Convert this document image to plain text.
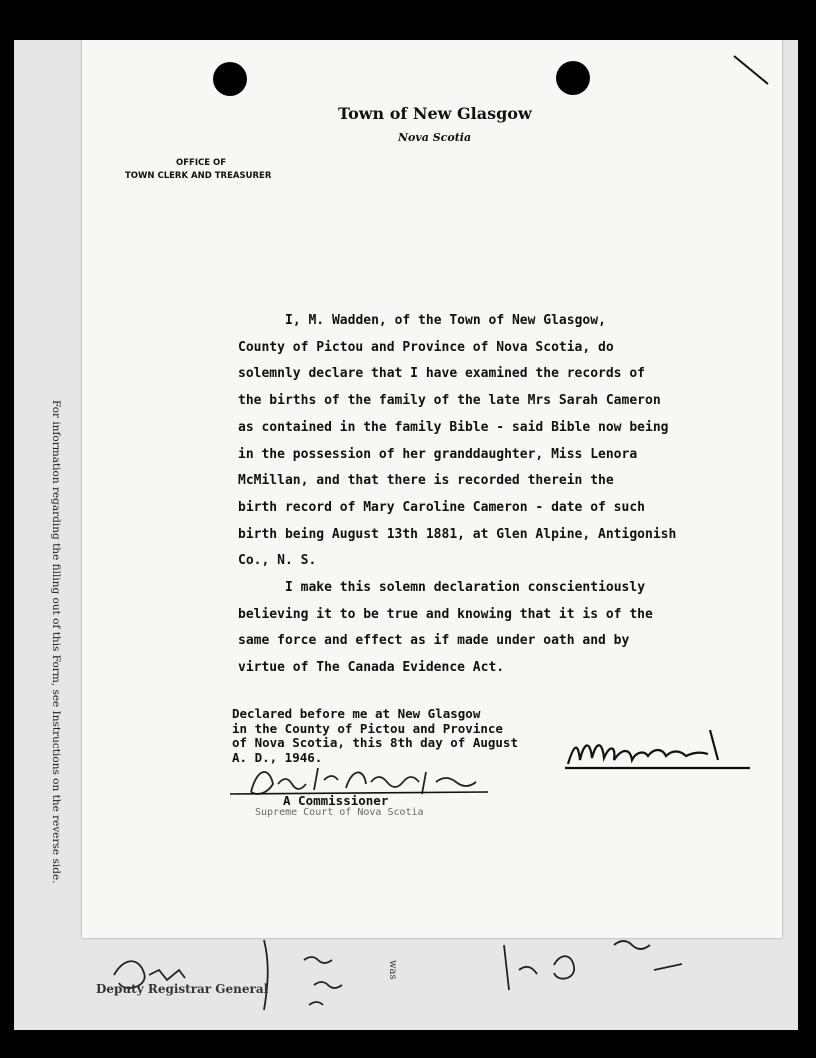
For information regarding the filling out of this Form, see Instructions on the reverse side.
Deputy Registrar General
was
Town of New Glasgow
Nova Scotia
OFFICE OF
TOWN CLERK AND TREASURER

I, M. Wadden, of the Town of New Glasgow,

County of Pictou and Province of Nova Scotia, do

solemnly declare that I have examined the records of

the births of the family of the late Mrs Sarah Cameron

as contained in the family Bible - said Bible now being

in the possession of her granddaughter, Miss Lenora

McMillan, and that there is recorded therein the

birth record of Mary Caroline Cameron - date of such

birth being August 13th 1881, at Glen Alpine, Antigonish

Co., N. S.

I make this solemn declaration conscientiously

believing it to be true and knowing that it is of the

same force and effect as if made under oath and by

virtue of The Canada Evidence Act.

Declared before me at New Glasgow
in the County of Pictou and Province
of Nova Scotia, this 8th day of August
A. D., 1946.
A Commissioner
Supreme Court of Nova Scotia
